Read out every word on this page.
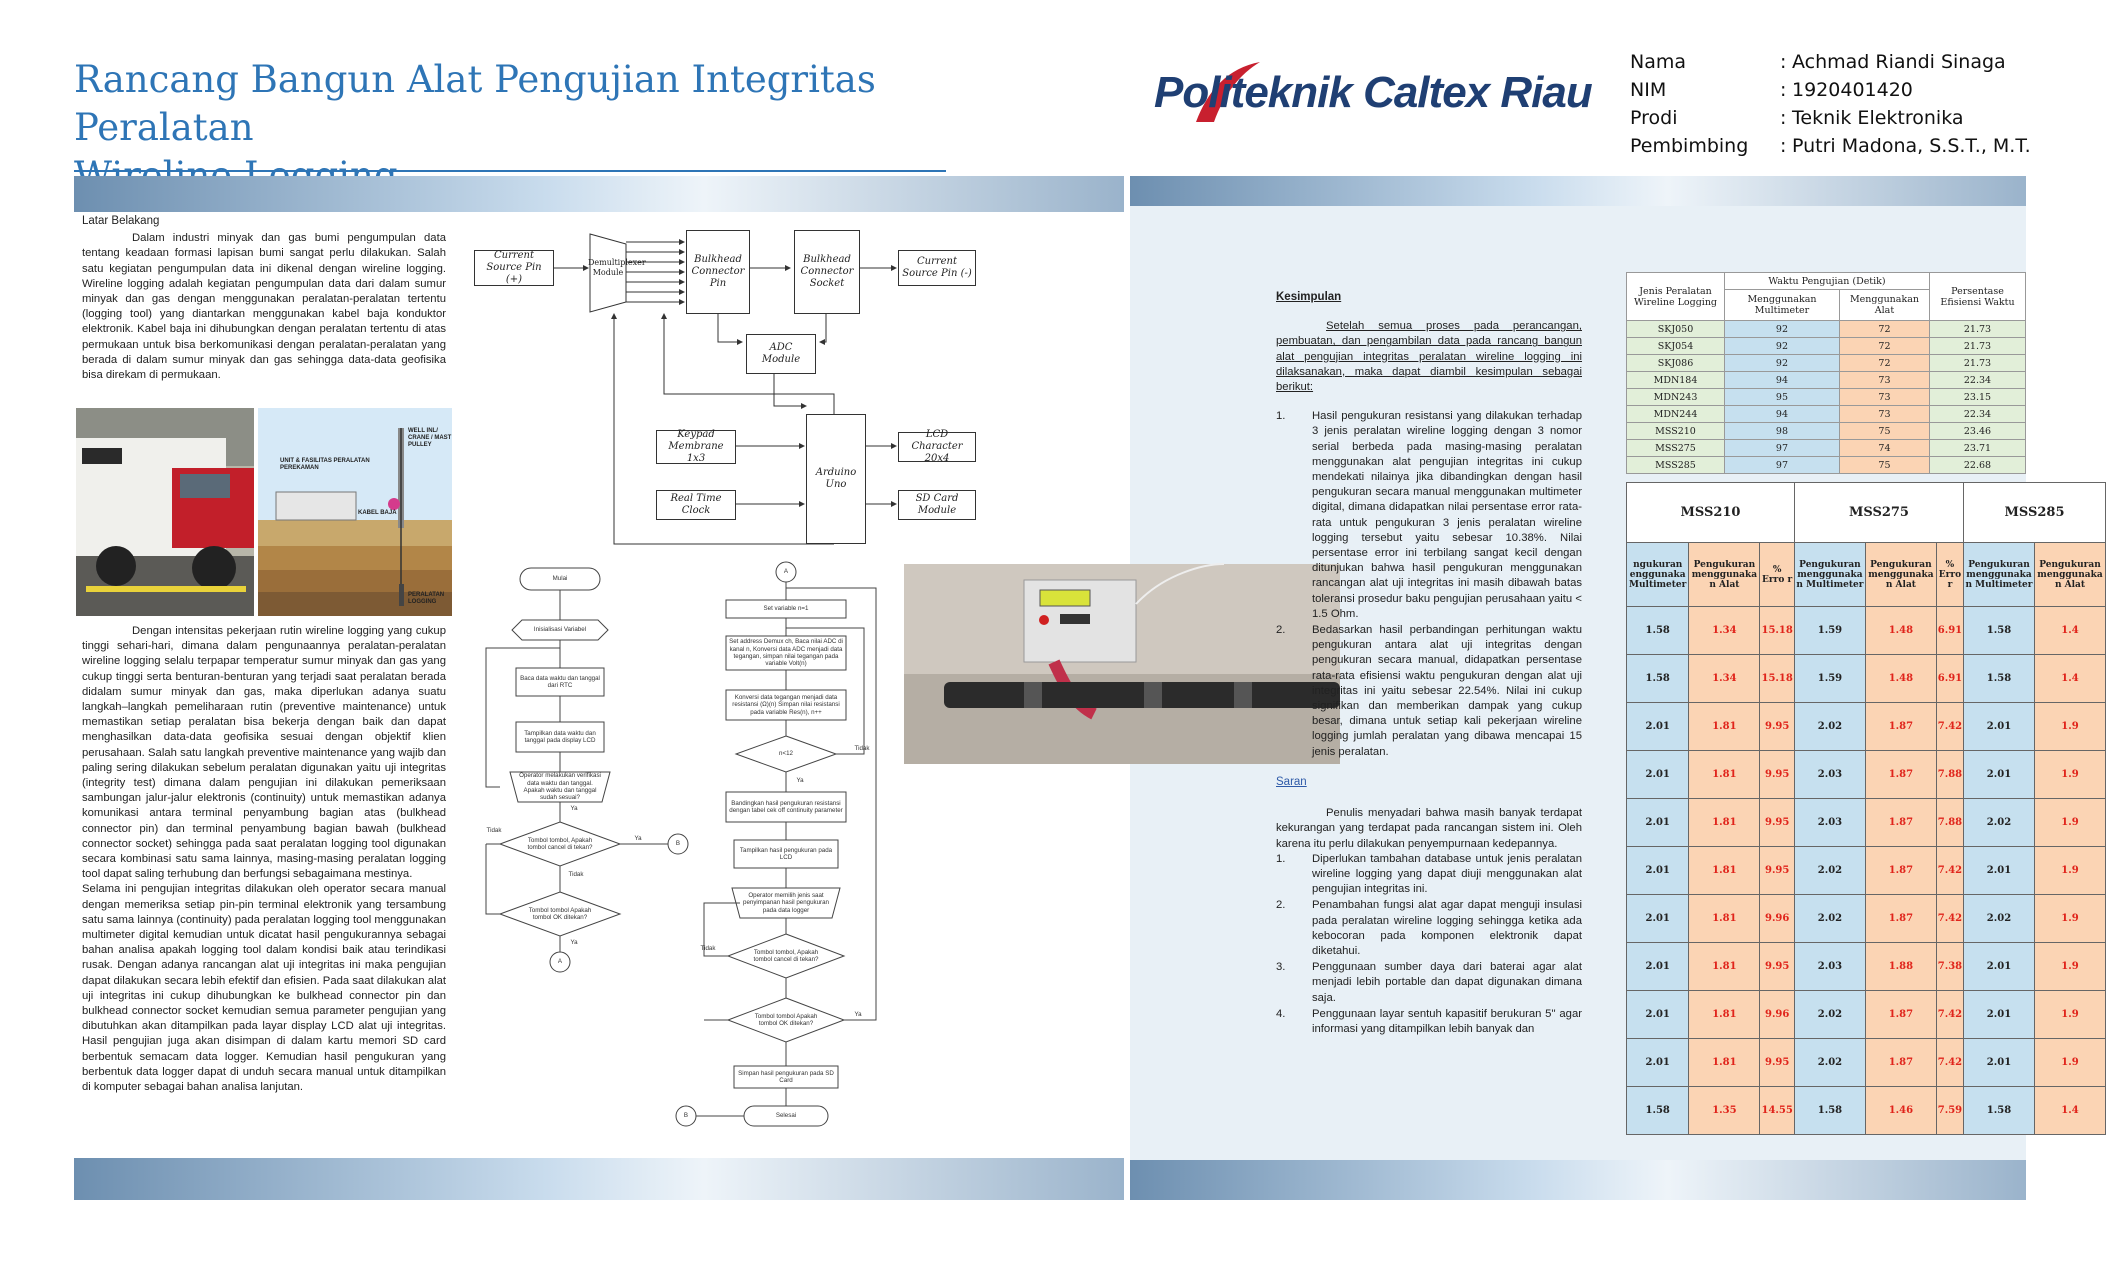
Rancang Bangun Alat Pengujian Integritas Peralatan
Politeknik Caltex Riau
Nama	: Achmad Riandi Sinaga
NIM	: 1920401420
Prodi	: Teknik Elektronika
Pembimbing	: Putri Madona, S.S.T., M.T.
Latar Belakang

Dalam industri minyak dan gas bumi pengumpulan data tentang keadaan formasi lapisan bumi sangat perlu dilakukan. Salah satu kegiatan pengumpulan data ini dikenal dengan wireline logging. Wireline logging adalah kegiatan pengumpulan data dari dalam sumur minyak dan gas dengan menggunakan peralatan-peralatan tertentu (logging tool) yang diantarkan menggunakan kabel baja konduktor elektronik. Kabel baja ini dihubungkan dengan peralatan tertentu di atas permukaan untuk bisa berkomunikasi dengan peralatan-peralatan yang berada di dalam sumur minyak dan gas sehingga data-data geofisika bisa direkam di permukaan.

WELL INL/ CRANE / MAST PULLEY
UNIT & FASILITAS PERALATAN PEREKAMAN
KABEL BAJA
PERALATAN LOGGING

Dengan intensitas pekerjaan rutin wireline logging yang cukup tinggi sehari-hari, dimana dalam pengunaannya peralatan-peralatan wireline logging selalu terpapar temperatur sumur minyak dan gas yang cukup tinggi serta benturan-benturan yang terjadi saat peralatan berada didalam sumur minyak dan gas, maka diperlukan adanya suatu langkah–langkah pemeliharaan rutin (preventive maintenance) untuk memastikan setiap peralatan bisa bekerja dengan baik dan dapat menghasilkan data-data geofisika sesuai dengan objektif klien perusahaan. Salah satu langkah preventive maintenance yang wajib dan paling sering dilakukan sebelum peralatan digunakan yaitu uji integritas (integrity test) dimana dalam pengujian ini dilakukan pemeriksaan sambungan jalur-jalur elektronis (continuity) untuk memastikan adanya komunikasi antara terminal penyambung bagian atas (bulkhead connector pin) dan terminal penyambung bagian bawah (bulkhead connector socket) sehingga pada saat peralatan logging tool digunakan secara kombinasi satu sama lainnya, masing-masing peralatan logging tool dapat saling terhubung dan berfungsi sebagaimana mestinya.

Selama ini pengujian integritas dilakukan oleh operator secara manual dengan memeriksa setiap pin-pin terminal elektronik yang tersambung satu sama lainnya (continuity) pada peralatan logging tool menggunakan multimeter digital kemudian untuk dicatat hasil pengukurannya sebagai bahan analisa apakah logging tool dalam kondisi baik atau terindikasi rusak. Dengan adanya rancangan alat uji integritas ini maka pengujian dapat dilakukan secara lebih efektif dan efisien. Pada saat dilakukan alat uji integritas ini cukup dihubungkan ke bulkhead connector pin dan bulkhead connector socket kemudian semua parameter pengujian yang dibutuhkan akan ditampilkan pada layar display LCD alat uji integritas. Hasil pengujian juga akan disimpan di dalam kartu memori SD card berbentuk semacam data logger. Kemudian hasil pengukuran yang berbentuk data logger dapat di unduh secara manual untuk ditampilkan di komputer sebagai bahan analisa lanjutan.

Current Source Pin (+)
Demultiplexer Module
Bulkhead Connector Pin
Bulkhead Connector Socket
Current Source Pin (-)
ADC Module
Keypad Membrane 1x3
Real Time Clock
Arduino Uno
LCD Character 20x4
SD Card Module
Mulai
Inisialisasi Variabel
Baca data waktu dan tanggal dari RTC
Tampilkan data waktu dan tanggal pada display LCD
Operator melakukan verifikasi data waktu dan tanggal. Apakah waktu dan tanggal sudah sesuai?
Tombol tombol, Apakah tombol cancel di tekan?
Tombol tombol Apakah tombol OK ditekan?
A
B
Tidak
Ya
Ya
Tidak
Ya
A
Set variable n=1
Set address Demux ch, Baca nilai ADC di kanal n, Konversi data ADC menjadi data tegangan, simpan nilai tegangan pada variable Volt(n)
Konversi data tegangan menjadi data resistansi (Ω)(n) Simpan nilai resistansi pada variable Res(n), n++
n<12
Bandingkan hasil pengukuran resistansi dengan tabel cek off continuity parameter
Tampilkan hasil pengukuran pada LCD
Operator memilih jenis saat penyimpanan hasil pengukuran pada data logger
Tombol tombol, Apakah tombol cancel di tekan?
Tombol tombol Apakah tombol OK ditekan?
Simpan hasil pengukuran pada SD Card
Selesai
B
Tidak
Ya
Tidak
Ya
Kesimpulan

Setelah semua proses pada perancangan, pembuatan, dan pengambilan data pada rancang bangun alat pengujian integritas peralatan wireline logging ini dilaksanakan, maka dapat diambil kesimpulan sebagai berikut:

1.	Hasil pengukuran resistansi yang dilakukan terhadap 3 jenis peralatan wireline logging dengan 3 nomor serial berbeda pada masing-masing peralatan menggunakan alat pengujian integritas ini cukup mendekati nilainya jika dibandingkan dengan hasil pengukuran secara manual menggunakan multimeter digital, dimana didapatkan nilai persentase error rata-rata untuk pengukuran 3 jenis peralatan wireline logging tersebut yaitu sebesar 10.38%. Nilai persentase error ini terbilang sangat kecil dengan ditunjukan bahwa hasil pengukuran menggunakan rancangan alat uji integritas ini masih dibawah batas toleransi prosedur baku pengujian perusahaan yaitu < 1.5 Ohm.
2.	Bedasarkan hasil perbandingan perhitungan waktu pengukuran antara alat uji integritas dengan pengukuran secara manual, didapatkan persentase rata-rata efisiensi waktu pengukuran dengan alat uji integritas ini yaitu sebesar 22.54%. Nilai ini cukup signifikan dan memberikan dampak yang cukup besar, dimana untuk setiap kali pekerjaan wireline logging jumlah peralatan yang dibawa mencapai 15 jenis peralatan.
Saran

Penulis menyadari bahwa masih banyak terdapat kekurangan yang terdapat pada rancangan sistem ini. Oleh karena itu perlu dilakukan penyempurnaan kedepannya.

1.	Diperlukan tambahan database untuk jenis peralatan wireline logging yang dapat diuji menggunakan alat pengujian integritas ini.
2.	Penambahan fungsi alat agar dapat menguji insulasi pada peralatan wireline logging sehingga ketika ada kebocoran pada komponen elektronik dapat diketahui.
3.	Penggunaan sumber daya dari baterai agar alat menjadi lebih portable dan dapat digunakan dimana saja.
4.	Penggunaan layar sentuh kapasitif berukuran 5'' agar informasi yang ditampilkan lebih banyak dan
Jenis Peralatan Wireline Logging	Waktu Pengujian (Detik)		Persentase Efisiensi Waktu
	Menggunakan Multimeter	Menggunakan Alat	
SKJ050	92	72	21.73
SKJ054	92	72	21.73
SKJ086	92	72	21.73
MDN184	94	73	22.34
MDN243	95	73	23.15
MDN244	94	73	22.34
MSS210	98	75	23.46
MSS275	97	74	23.71
MSS285	97	75	22.68
MSS210			MSS275			MSS285	
ngukuran enggunaka Multimeter	Pengukuran menggunaka n Alat	% Erro r	Pengukuran menggunaka n Multimeter	Pengukuran menggunaka n Alat	% Erro r	Pengukuran menggunaka n Multimeter	Pengukuran menggunaka n Alat
1.58	1.34	15.18	1.59	1.48	6.91	1.58	1.4
1.58	1.34	15.18	1.59	1.48	6.91	1.58	1.4
2.01	1.81	9.95	2.02	1.87	7.42	2.01	1.9
2.01	1.81	9.95	2.03	1.87	7.88	2.01	1.9
2.01	1.81	9.95	2.03	1.87	7.88	2.02	1.9
2.01	1.81	9.95	2.02	1.87	7.42	2.01	1.9
2.01	1.81	9.96	2.02	1.87	7.42	2.02	1.9
2.01	1.81	9.95	2.03	1.88	7.38	2.01	1.9
2.01	1.81	9.96	2.02	1.87	7.42	2.01	1.9
2.01	1.81	9.95	2.02	1.87	7.42	2.01	1.9
1.58	1.35	14.55	1.58	1.46	7.59	1.58	1.4
